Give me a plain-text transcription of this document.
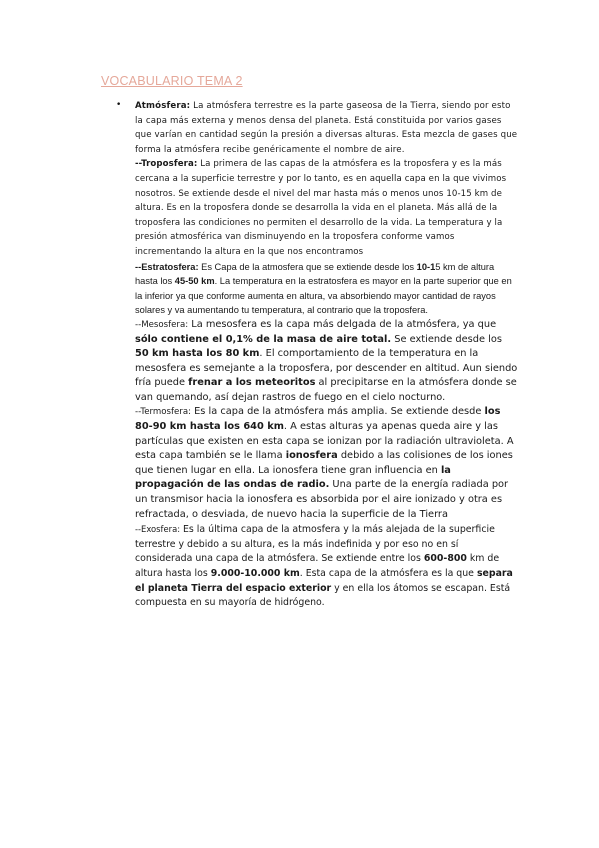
VOCABULARIO TEMA 2
• Atmósfera: La atmósfera terrestre es la parte gaseosa de la Tierra, siendo por esto la capa más externa y menos densa del planeta. Está constituida por varios gases que varían en cantidad según la presión a diversas alturas. Esta mezcla de gases que forma la atmósfera recibe genéricamente el nombre de aire.

--Troposfera: La primera de las capas de la atmósfera es la troposfera y es la más cercana a la superficie terrestre y por lo tanto, es en aquella capa en la que vivimos nosotros. Se extiende desde el nivel del mar hasta más o menos unos 10-15 km de altura. Es en la troposfera donde se desarrolla la vida en el planeta. Más allá de la troposfera las condiciones no permiten el desarrollo de la vida. La temperatura y la presión atmosférica van disminuyendo en la troposfera conforme vamos incrementando la altura en la que nos encontramos

--Estratosfera: Es Capa de la atmosfera que se extiende desde los 10-15 km de altura hasta los 45-50 km. La temperatura en la estratosfera es mayor en la parte superior que en la inferior ya que conforme aumenta en altura, va absorbiendo mayor cantidad de rayos solares y va aumentando tu temperatura, al contrario que la troposfera.

--Mesosfera: La mesosfera es la capa más delgada de la atmósfera, ya que sólo contiene el 0,1% de la masa de aire total. Se extiende desde los 50 km hasta los 80 km. El comportamiento de la temperatura en la mesosfera es semejante a la troposfera, por descender en altitud. Aun siendo fría puede frenar a los meteoritos al precipitarse en la atmósfera donde se van quemando, así dejan rastros de fuego en el cielo nocturno.

--Termosfera: Es la capa de la atmósfera más amplia. Se extiende desde los 80-90 km hasta los 640 km. A estas alturas ya apenas queda aire y las partículas que existen en esta capa se ionizan por la radiación ultravioleta. A esta capa también se le llama ionosfera debido a las colisiones de los iones que tienen lugar en ella. La ionosfera tiene gran influencia en la propagación de las ondas de radio. Una parte de la energía radiada por un transmisor hacia la ionosfera es absorbida por el aire ionizado y otra es refractada, o desviada, de nuevo hacia la superficie de la Tierra

--Exosfera: Es la última capa de la atmosfera y la más alejada de la superficie terrestre y debido a su altura, es la más indefinida y por eso no en sí considerada una capa de la atmósfera. Se extiende entre los 600-800 km de altura hasta los 9.000-10.000 km. Esta capa de la atmósfera es la que separa el planeta Tierra del espacio exterior y en ella los átomos se escapan. Está compuesta en su mayoría de hidrógeno.
